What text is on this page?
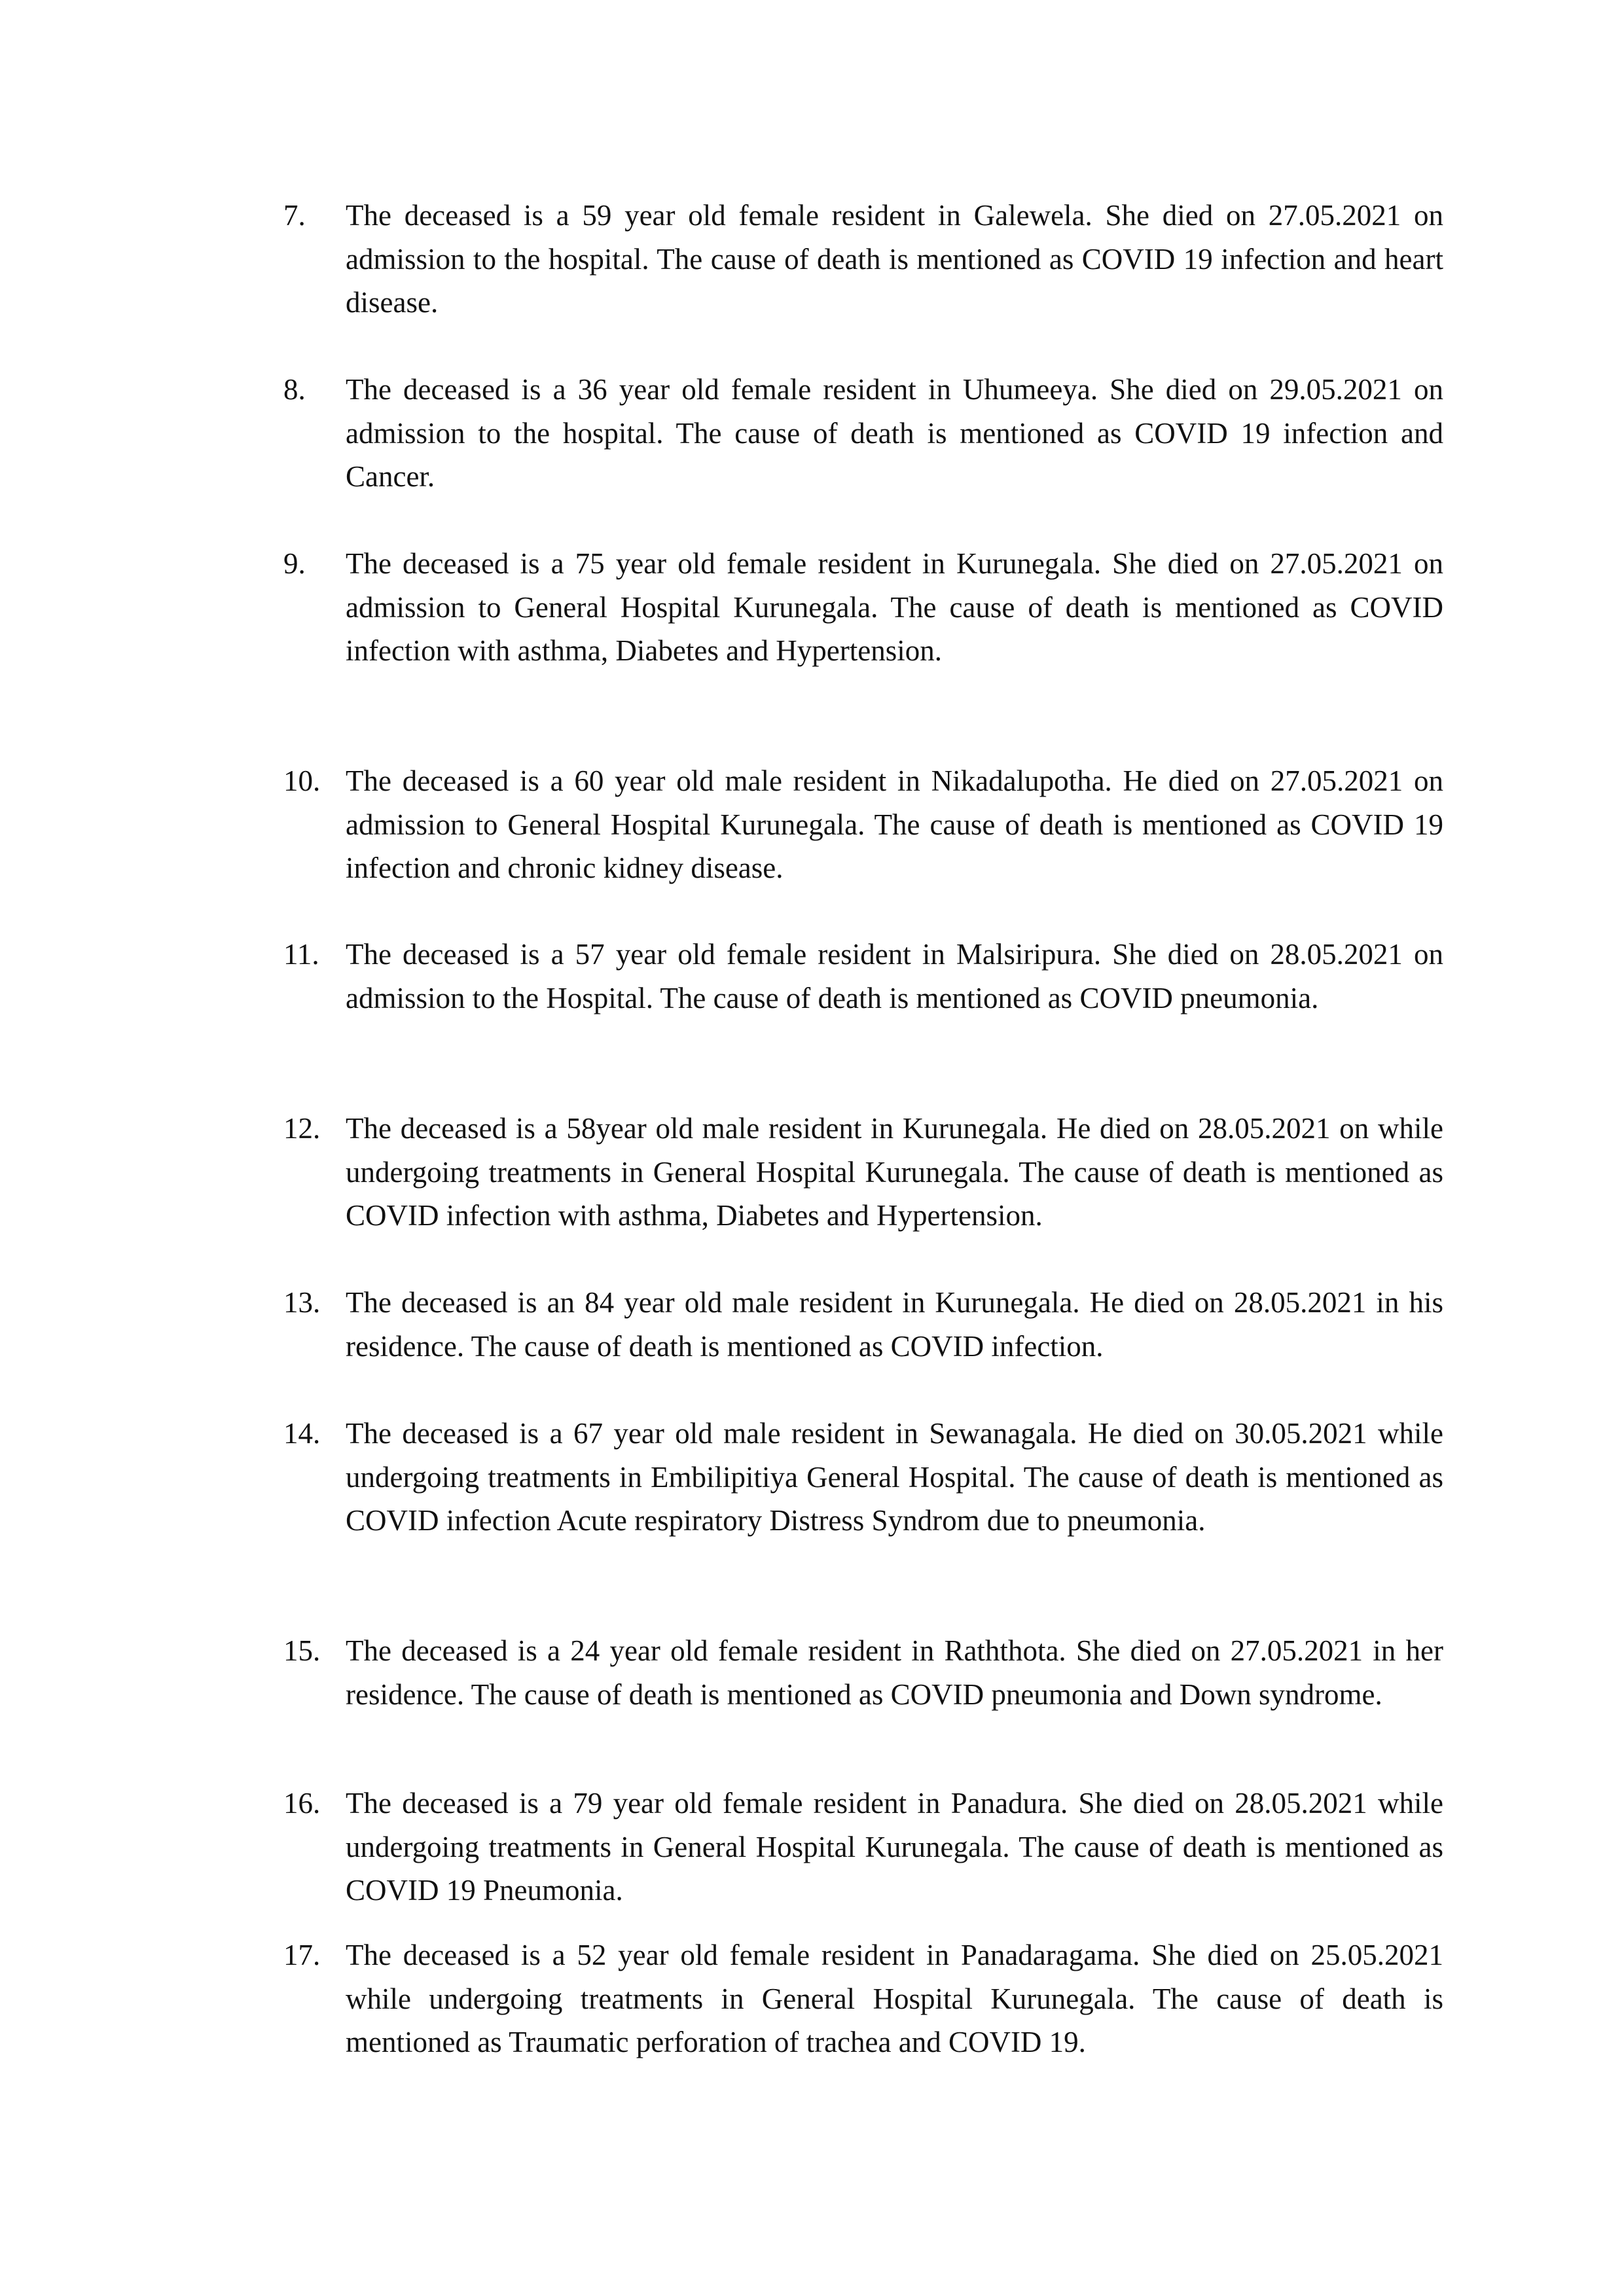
7.	The deceased is a 59 year old female resident in Galewela. She died on 27.05.2021 on admission to the hospital. The cause of death is mentioned as COVID 19 infection and heart disease.
8.	The deceased is a 36 year old female resident in Uhumeeya. She died on 29.05.2021 on admission to the hospital. The cause of death is mentioned as COVID 19 infection and Cancer.
9.	The deceased is a 75 year old female resident in Kurunegala. She died on 27.05.2021 on admission to General Hospital Kurunegala. The cause of death is mentioned as COVID infection with asthma, Diabetes and Hypertension.
10. The deceased is a 60 year old male resident in Nikadalupotha. He died on 27.05.2021 on admission to General Hospital Kurunegala. The cause of death is mentioned as COVID 19 infection and chronic kidney disease.
11. The deceased is a 57 year old female resident in Malsiripura. She died on 28.05.2021 on admission to the Hospital. The cause of death is mentioned as COVID pneumonia.
12. The deceased is a 58year old male resident in Kurunegala. He died on 28.05.2021 on while undergoing treatments in General Hospital Kurunegala. The cause of death is mentioned as COVID infection with asthma, Diabetes and Hypertension.
13. The deceased is an 84 year old male resident in Kurunegala. He died on 28.05.2021 in his residence. The cause of death is mentioned as COVID infection.
14. The deceased is a 67 year old male resident in Sewanagala. He died on 30.05.2021 while undergoing treatments in Embilipitiya General Hospital. The cause of death is mentioned as COVID infection Acute respiratory Distress Syndrom due to pneumonia.
15. The deceased is a 24 year old female resident in Raththota. She died on 27.05.2021 in her residence. The cause of death is mentioned as COVID pneumonia and Down syndrome.
16. The deceased is a 79 year old female resident in Panadura. She died on 28.05.2021 while undergoing treatments in General Hospital Kurunegala. The cause of death is mentioned as COVID 19 Pneumonia.
17. The deceased is a 52 year old female resident in Panadaragama. She died on 25.05.2021 while undergoing treatments in General Hospital Kurunegala. The cause of death is mentioned as Traumatic perforation of trachea and COVID 19.
